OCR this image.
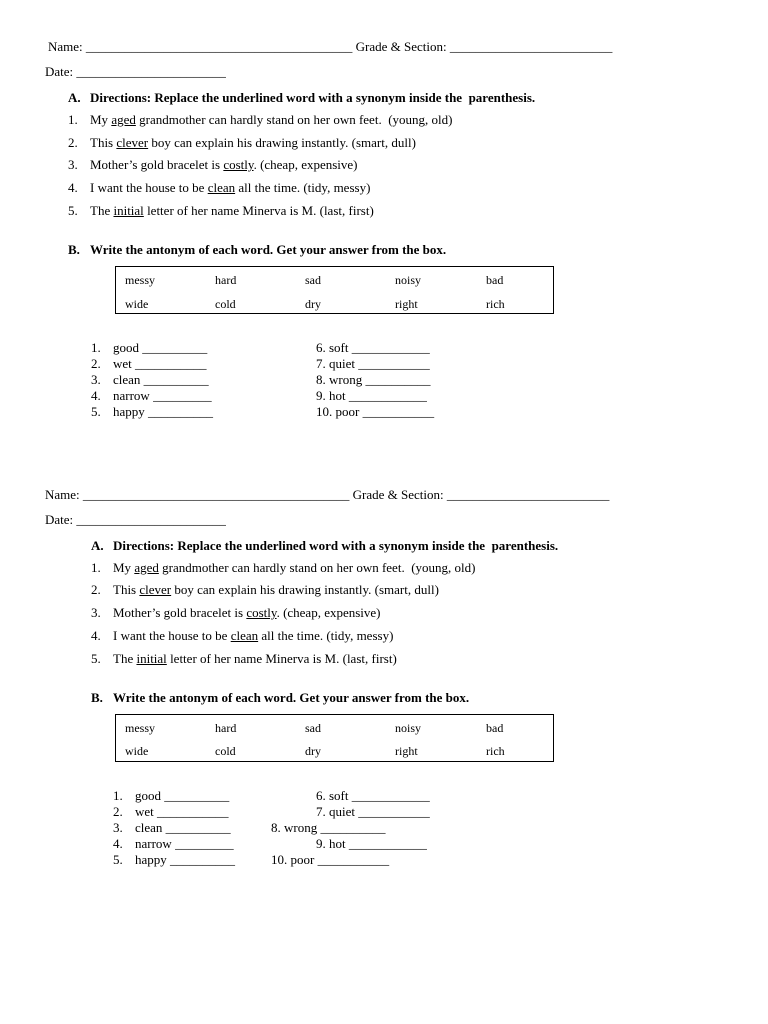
Name: _________________________________________ Grade & Section: _________________________
Date: _______________________
A. Directions: Replace the underlined word with a synonym inside the  parenthesis.
1. My aged grandmother can hardly stand on her own feet.  (young, old)
2. This clever boy can explain his drawing instantly. (smart, dull)
3. Mother’s gold bracelet is costly. (cheap, expensive)
4. I want the house to be clean all the time. (tidy, messy)
5. The initial letter of her name Minerva is M. (last, first)
B. Write the antonym of each word. Get your answer from the box.
messy	hard	sad	noisy	bad
wide	cold	dry	right	rich
1. good __________
2. wet ___________
3. clean __________
4. narrow _________
5. happy __________
6. soft ____________
7. quiet ___________
8. wrong __________
9. hot ____________
10. poor ___________
Name: _________________________________________ Grade & Section: _________________________
Date: _______________________
A. Directions: Replace the underlined word with a synonym inside the  parenthesis.
1. My aged grandmother can hardly stand on her own feet.  (young, old)
2. This clever boy can explain his drawing instantly. (smart, dull)
3. Mother’s gold bracelet is costly. (cheap, expensive)
4. I want the house to be clean all the time. (tidy, messy)
5. The initial letter of her name Minerva is M. (last, first)
B. Write the antonym of each word. Get your answer from the box.
messy	hard	sad	noisy	bad
wide	cold	dry	right	rich
1. good __________
2. wet ___________
3. clean __________
4. narrow _________
5. happy __________
6. soft ____________
7. quiet ___________
8. wrong __________
9. hot ____________
10. poor ___________
